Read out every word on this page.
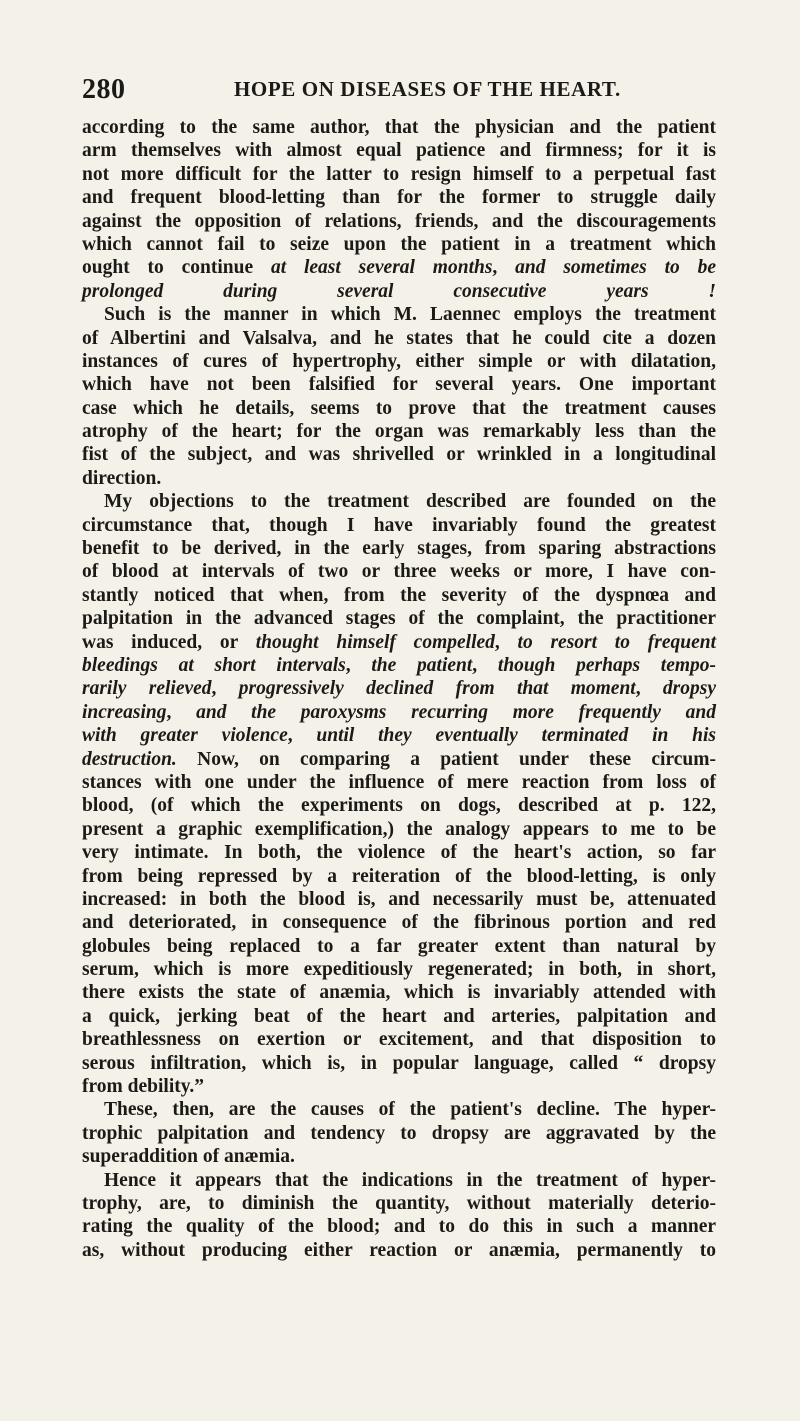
280	HOPE ON DISEASES OF THE HEART.
according to the same author, that the physician and the patient
arm themselves with almost equal patience and firmness; for it is
not more difficult for the latter to resign himself to a perpetual fast
and frequent blood-letting than for the former to struggle daily
against the opposition of relations, friends, and the discouragements
which cannot fail to seize upon the patient in a treatment which
ought to continue at least several months, and sometimes to be
prolonged during several consecutive years !
Such is the manner in which M. Laennec employs the treatment
of Albertini and Valsalva, and he states that he could cite a dozen
instances of cures of hypertrophy, either simple or with dilatation,
which have not been falsified for several years. One important
case which he details, seems to prove that the treatment causes
atrophy of the heart; for the organ was remarkably less than the
fist of the subject, and was shrivelled or wrinkled in a longitudinal
direction.
My objections to the treatment described are founded on the
circumstance that, though I have invariably found the greatest
benefit to be derived, in the early stages, from sparing abstractions
of blood at intervals of two or three weeks or more, I have con-
stantly noticed that when, from the severity of the dyspnœa and
palpitation in the advanced stages of the complaint, the practitioner
was induced, or thought himself compelled, to resort to frequent
bleedings at short intervals, the patient, though perhaps tempo-
rarily relieved, progressively declined from that moment, dropsy
increasing, and the paroxysms recurring more frequently and
with greater violence, until they eventually terminated in his
destruction. Now, on comparing a patient under these circum-
stances with one under the influence of mere reaction from loss of
blood, (of which the experiments on dogs, described at p. 122,
present a graphic exemplification,) the analogy appears to me to be
very intimate. In both, the violence of the heart's action, so far
from being repressed by a reiteration of the blood-letting, is only
increased: in both the blood is, and necessarily must be, attenuated
and deteriorated, in consequence of the fibrinous portion and red
globules being replaced to a far greater extent than natural by
serum, which is more expeditiously regenerated; in both, in short,
there exists the state of anæmia, which is invariably attended with
a quick, jerking beat of the heart and arteries, palpitation and
breathlessness on exertion or excitement, and that disposition to
serous infiltration, which is, in popular language, called “ dropsy
from debility.”
These, then, are the causes of the patient's decline. The hyper-
trophic palpitation and tendency to dropsy are aggravated by the
superaddition of anæmia.
Hence it appears that the indications in the treatment of hyper-
trophy, are, to diminish the quantity, without materially deterio-
rating the quality of the blood; and to do this in such a manner
as, without producing either reaction or anæmia, permanently to
